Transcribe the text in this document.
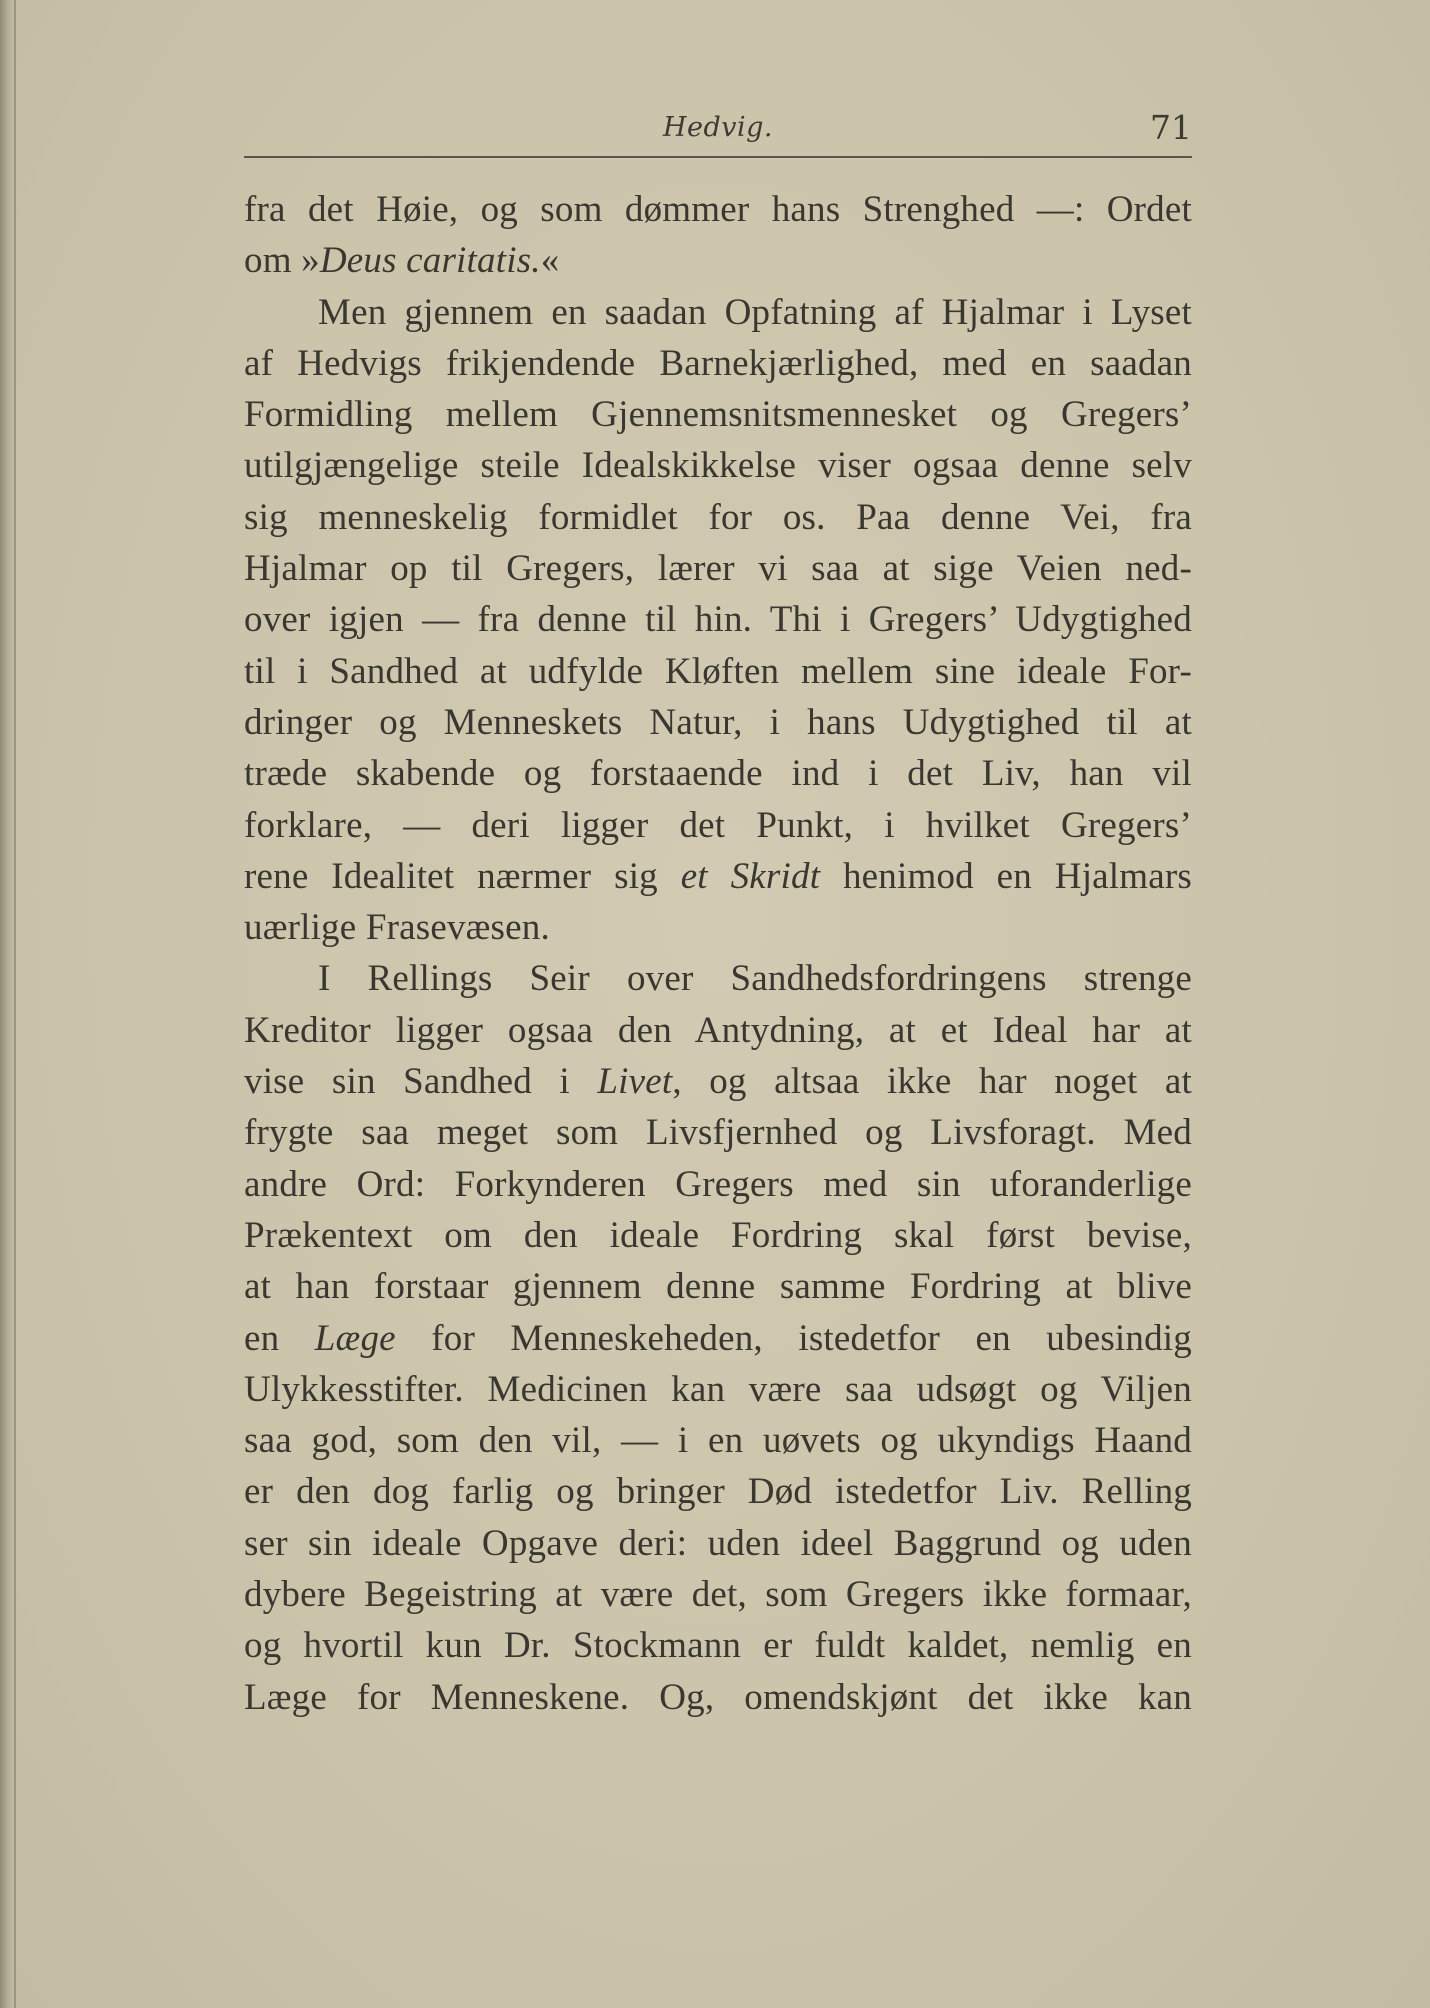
Hedvig.	71
fra det Høie, og som dømmer hans Strenghed —: Ordet
om »Deus caritatis.«
Men gjennem en saadan Opfatning af Hjalmar i Lyset
af Hedvigs frikjendende Barnekjærlighed, med en saadan
Formidling mellem Gjennemsnitsmennesket og Gregers’
utilgjængelige steile Idealskikkelse viser ogsaa denne selv
sig menneskelig formidlet for os. Paa denne Vei, fra
Hjalmar op til Gregers, lærer vi saa at sige Veien ned-
over igjen — fra denne til hin. Thi i Gregers’ Udygtighed
til i Sandhed at udfylde Kløften mellem sine ideale For-
dringer og Menneskets Natur, i hans Udygtighed til at
træde skabende og forstaaende ind i det Liv, han vil
forklare, — deri ligger det Punkt, i hvilket Gregers’
rene Idealitet nærmer sig et Skridt henimod en Hjalmars
uærlige Frasevæsen.
I Rellings Seir over Sandhedsfordringens strenge
Kreditor ligger ogsaa den Antydning, at et Ideal har at
vise sin Sandhed i Livet, og altsaa ikke har noget at
frygte saa meget som Livsfjernhed og Livsforagt. Med
andre Ord: Forkynderen Gregers med sin uforanderlige
Prækentext om den ideale Fordring skal først bevise,
at han forstaar gjennem denne samme Fordring at blive
en Læge for Menneskeheden, istedetfor en ubesindig
Ulykkesstifter. Medicinen kan være saa udsøgt og Viljen
saa god, som den vil, — i en uøvets og ukyndigs Haand
er den dog farlig og bringer Død istedetfor Liv. Relling
ser sin ideale Opgave deri: uden ideel Baggrund og uden
dybere Begeistring at være det, som Gregers ikke formaar,
og hvortil kun Dr. Stockmann er fuldt kaldet, nemlig en
Læge for Menneskene. Og, omendskjønt det ikke kan
